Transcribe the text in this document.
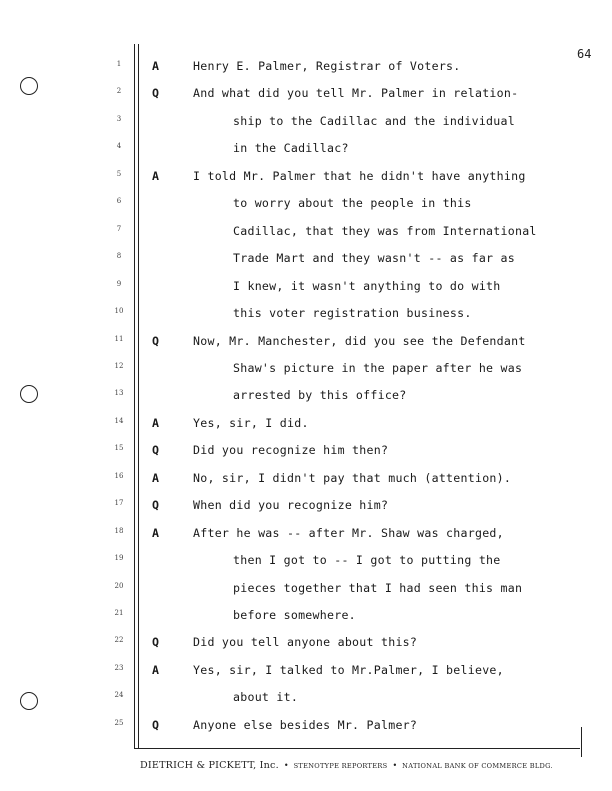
64
1	A	Henry E. Palmer, Registrar of Voters.
2	Q	And what did you tell Mr. Palmer in relation-
3	ship to the Cadillac and the individual
4	in the Cadillac?
5	A	I told Mr. Palmer that he didn't have anything
6	to worry about the people in this
7	Cadillac, that they was from International
8	Trade Mart and they wasn't -- as far as
9	I knew, it wasn't anything to do with
10	this voter registration business.
11	Q	Now, Mr. Manchester, did you see the Defendant
12	Shaw's picture in the paper after he was
13	arrested by this office?
14	A	Yes, sir, I did.
15	Q	Did you recognize him then?
16	A	No, sir, I didn't pay that much (attention).
17	Q	When did you recognize him?
18	A	After he was -- after Mr. Shaw was charged,
19	then I got to -- I got to putting the
20	pieces together that I had seen this man
21	before somewhere.
22	Q	Did you tell anyone about this?
23	A	Yes, sir, I talked to Mr.Palmer, I believe,
24	about it.
25	Q	Anyone else besides Mr. Palmer?
DIETRICH & PICKETT, Inc. • STENOTYPE REPORTERS • NATIONAL BANK OF COMMERCE BLDG.
